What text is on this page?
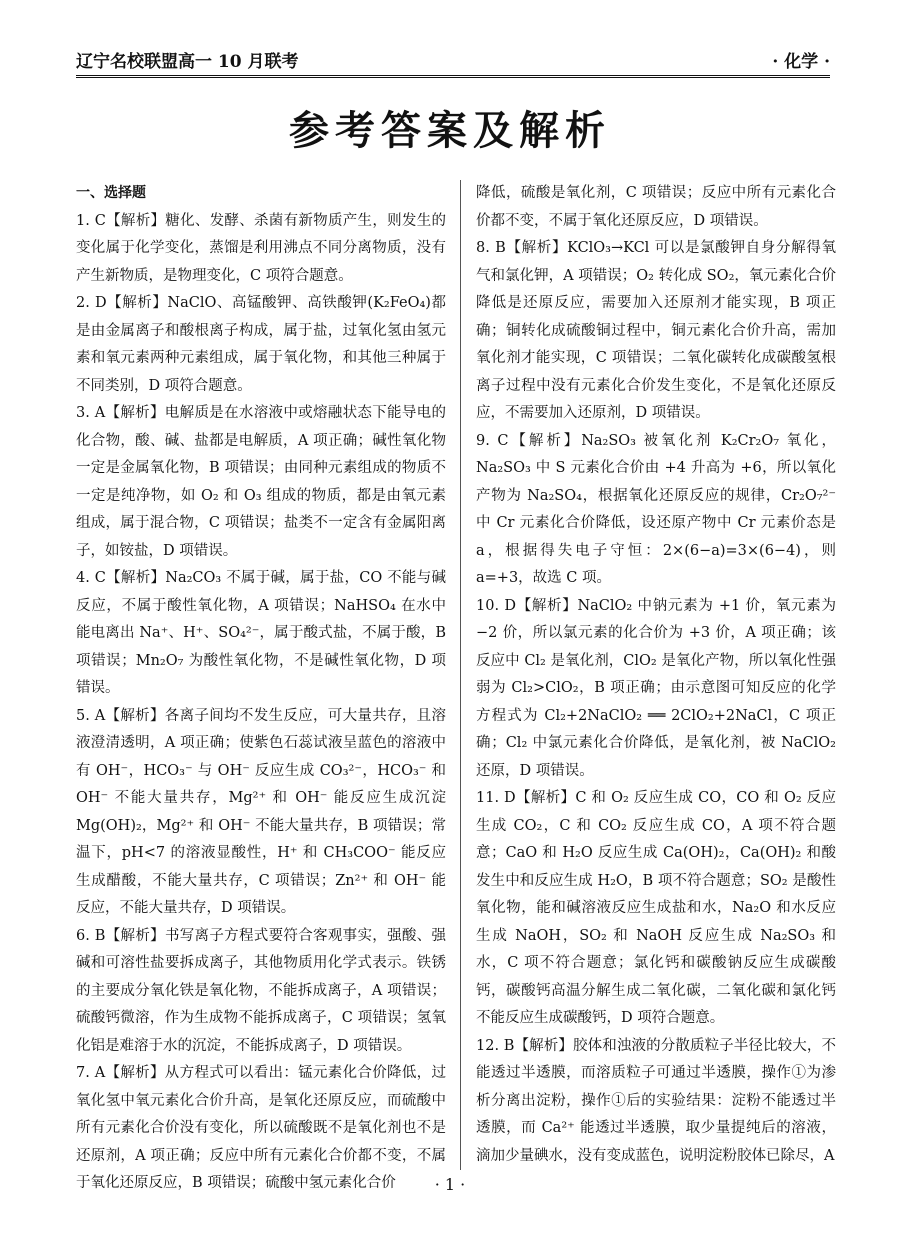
辽宁名校联盟高一 10 月联考	· 化学 ·
参考答案及解析
一、选择题
1. C【解析】糖化、发酵、杀菌有新物质产生，则发生的变化属于化学变化，蒸馏是利用沸点不同分离物质，没有产生新物质，是物理变化，C 项符合题意。
2. D【解析】NaClO、高锰酸钾、高铁酸钾(K₂FeO₄)都是由金属离子和酸根离子构成，属于盐，过氧化氢由氢元素和氧元素两种元素组成，属于氧化物，和其他三种属于不同类别，D 项符合题意。
3. A【解析】电解质是在水溶液中或熔融状态下能导电的化合物，酸、碱、盐都是电解质，A 项正确；碱性氧化物一定是金属氧化物，B 项错误；由同种元素组成的物质不一定是纯净物，如 O₂ 和 O₃ 组成的物质，都是由氧元素组成，属于混合物，C 项错误；盐类不一定含有金属阳离子，如铵盐，D 项错误。
4. C【解析】Na₂CO₃ 不属于碱，属于盐，CO 不能与碱反应，不属于酸性氧化物，A 项错误；NaHSO₄ 在水中能电离出 Na⁺、H⁺、SO₄²⁻，属于酸式盐，不属于酸，B 项错误；Mn₂O₇ 为酸性氧化物，不是碱性氧化物，D 项错误。
5. A【解析】各离子间均不发生反应，可大量共存，且溶液澄清透明，A 项正确；使紫色石蕊试液呈蓝色的溶液中有 OH⁻，HCO₃⁻ 与 OH⁻ 反应生成 CO₃²⁻，HCO₃⁻ 和 OH⁻ 不能大量共存，Mg²⁺ 和 OH⁻ 能反应生成沉淀 Mg(OH)₂，Mg²⁺ 和 OH⁻ 不能大量共存，B 项错误；常温下，pH<7 的溶液显酸性，H⁺ 和 CH₃COO⁻ 能反应生成醋酸，不能大量共存，C 项错误；Zn²⁺ 和 OH⁻ 能反应，不能大量共存，D 项错误。
6. B【解析】书写离子方程式要符合客观事实，强酸、强碱和可溶性盐要拆成离子，其他物质用化学式表示。铁锈的主要成分氧化铁是氧化物，不能拆成离子，A 项错误；硫酸钙微溶，作为生成物不能拆成离子，C 项错误；氢氧化铝是难溶于水的沉淀，不能拆成离子，D 项错误。
7. A【解析】从方程式可以看出：锰元素化合价降低，过氧化氢中氧元素化合价升高，是氧化还原反应，而硫酸中所有元素化合价没有变化，所以硫酸既不是氧化剂也不是还原剂，A 项正确；反应中所有元素化合价都不变，不属于氧化还原反应，B 项错误；硫酸中氢元素化合价
降低，硫酸是氧化剂，C 项错误；反应中所有元素化合价都不变，不属于氧化还原反应，D 项错误。
8. B【解析】KClO₃→KCl 可以是氯酸钾自身分解得氧气和氯化钾，A 项错误；O₂ 转化成 SO₂，氧元素化合价降低是还原反应，需要加入还原剂才能实现，B 项正确；铜转化成硫酸铜过程中，铜元素化合价升高，需加氧化剂才能实现，C 项错误；二氧化碳转化成碳酸氢根离子过程中没有元素化合价发生变化，不是氧化还原反应，不需要加入还原剂，D 项错误。
9. C【解析】Na₂SO₃ 被氧化剂 K₂Cr₂O₇ 氧化，Na₂SO₃ 中 S 元素化合价由 +4 升高为 +6，所以氧化产物为 Na₂SO₄，根据氧化还原反应的规律，Cr₂O₇²⁻ 中 Cr 元素化合价降低，设还原产物中 Cr 元素价态是 a，根据得失电子守恒：2×(6−a)=3×(6−4)，则 a=+3，故选 C 项。
10. D【解析】NaClO₂ 中钠元素为 +1 价，氧元素为 −2 价，所以氯元素的化合价为 +3 价，A 项正确；该反应中 Cl₂ 是氧化剂，ClO₂ 是氧化产物，所以氧化性强弱为 Cl₂>ClO₂，B 项正确；由示意图可知反应的化学方程式为 Cl₂+2NaClO₂ ══ 2ClO₂+2NaCl，C 项正确；Cl₂ 中氯元素化合价降低，是氧化剂，被 NaClO₂ 还原，D 项错误。
11. D【解析】C 和 O₂ 反应生成 CO，CO 和 O₂ 反应生成 CO₂，C 和 CO₂ 反应生成 CO，A 项不符合题意；CaO 和 H₂O 反应生成 Ca(OH)₂，Ca(OH)₂ 和酸发生中和反应生成 H₂O，B 项不符合题意；SO₂ 是酸性氧化物，能和碱溶液反应生成盐和水，Na₂O 和水反应生成 NaOH，SO₂ 和 NaOH 反应生成 Na₂SO₃ 和水，C 项不符合题意；氯化钙和碳酸钠反应生成碳酸钙，碳酸钙高温分解生成二氧化碳，二氧化碳和氯化钙不能反应生成碳酸钙，D 项符合题意。
12. B【解析】胶体和浊液的分散质粒子半径比较大，不能透过半透膜，而溶质粒子可通过半透膜，操作①为渗析分离出淀粉，操作①后的实验结果：淀粉不能透过半透膜，而 Ca²⁺ 能透过半透膜，取少量提纯后的溶液，滴加少量碘水，没有变成蓝色，说明淀粉胶体已除尽，A
· 1 ·
